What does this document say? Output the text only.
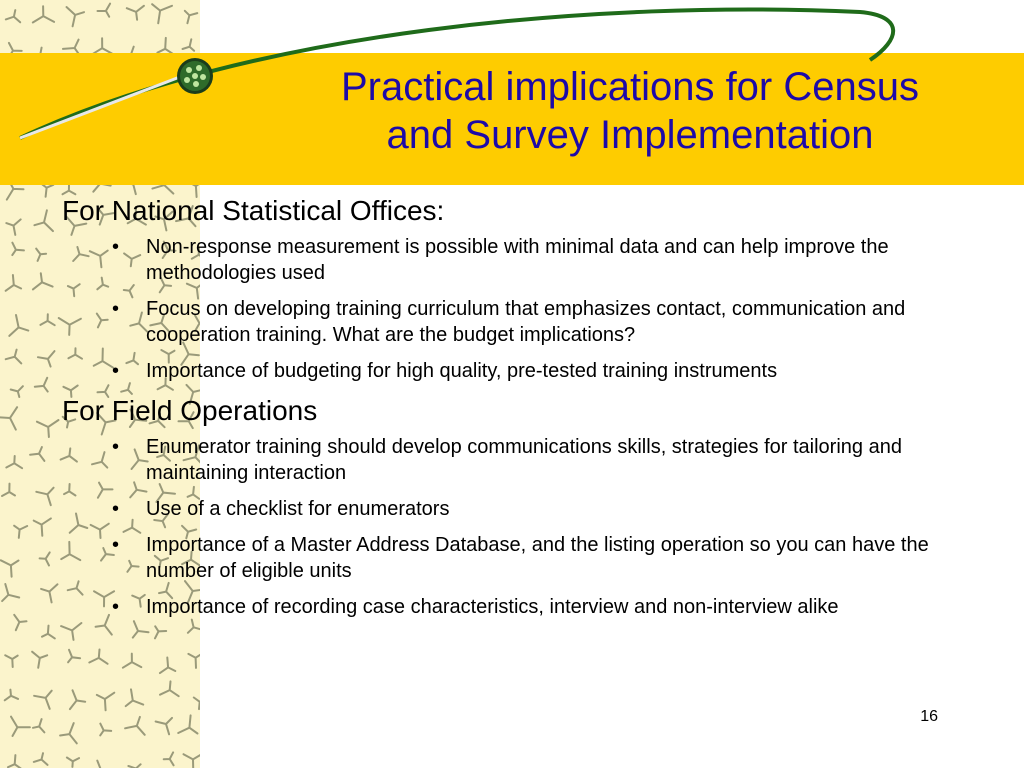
Practical implications for Census
and Survey Implementation
For National Statistical Offices:
• Non-response measurement is possible with minimal data and can help improve the methodologies used
• Focus on developing training curriculum that emphasizes contact, communication and cooperation training. What are the budget implications?
• Importance of budgeting for high quality, pre-tested training instruments
For Field Operations
• Enumerator training should develop communications skills, strategies for tailoring and maintaining interaction
• Use of a checklist for enumerators
• Importance of a Master Address Database, and the listing operation so you can have the number of eligible units
• Importance of recording case characteristics, interview and non-interview alike
16
